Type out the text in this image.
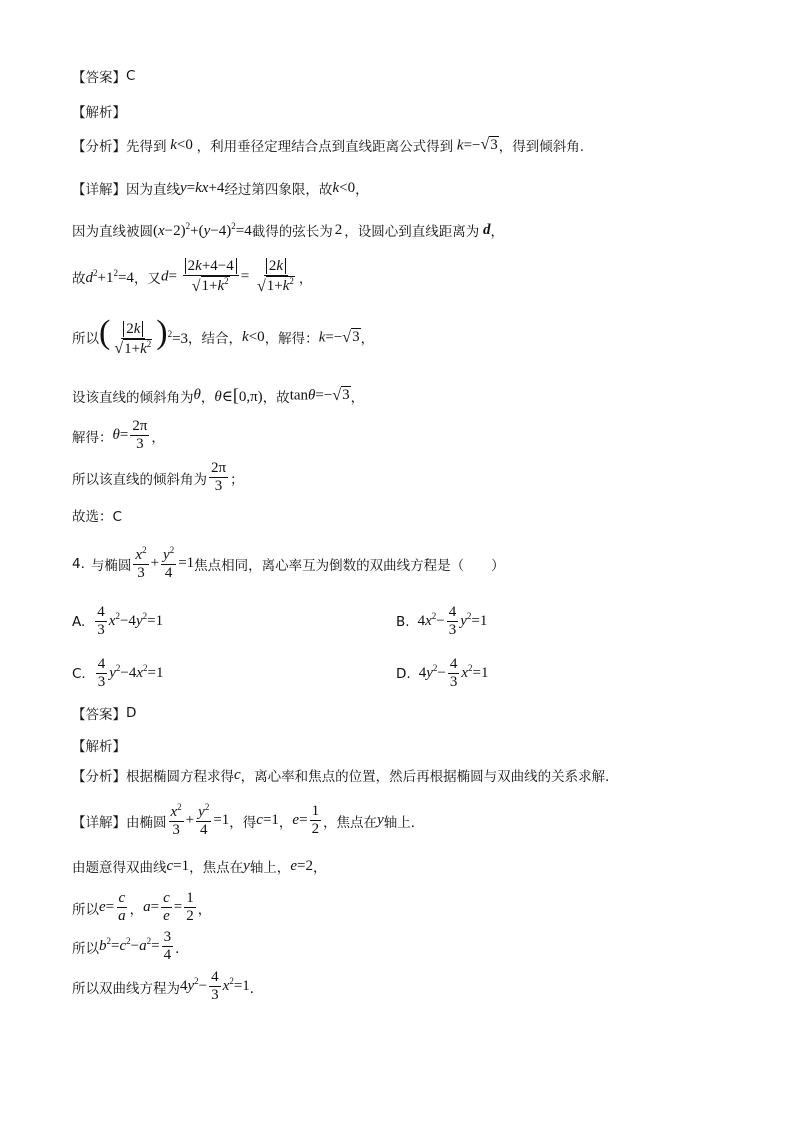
【答案】 C
【解析】
【分析】 先得到 k<0 ，利用垂径定理结合点到直线距离公式得到 k=− √ 3 ，得到倾斜角.
【详解】 因为直线 y=kx+4 经过第四象限，故 k<0 ，
因为直线被圆 $(x-2)^2+(y-4)^2=4$ 截得的弦长为 2 ，设圆心到直线距离为 d ，
故 $d^2+1^2=4$ ，又 $d= \frac{2k+4-4}{√ 1+k^2} = \frac{2k}{√ 1+k^2}$ ，
所以 ( $\frac{2k}{√ 1+k^2} )^2=3$ ，结合， k<0 ，解得： k=− √ 3 ，
设该直线的倾斜角为 θ ， θ∈[0,π) ，故 tanθ=− √ 3 ，
解得： $\theta= \frac{2\pi}{3}$ ，
所以该直线的倾斜角为 $\frac{2\pi}{3}$ ；
故选：C
4. 与椭圆 $\frac{x^2}{3} + \frac{y^2}{4} =1$ 焦点相同，离心率互为倒数的双曲线方程是（　　）
A. $\frac{4}{3} x^2-4y^2=1$	B. $4x^2- \frac{4}{3} y^2=1$
C. $\frac{4}{3} y^2-4x^2=1$	D. $4y^2- \frac{4}{3} x^2=1$
【答案】 D
【解析】
【分析】 根据椭圆方程求得 c ，离心率和焦点的位置，然后再根据椭圆与双曲线的关系求解．
【详解】 由椭圆 $\frac{x^2}{3} + \frac{y^2}{4} =1$ ，得 c=1 ， $e= \frac{1}{2}$ ，焦点在 y 轴上．
由题意得双曲线 c=1 ，焦点在 y 轴上， e=2 ，
所以 $e= \frac{c}{a}$ ， $a= \frac{c}{e} = \frac{1}{2}$ ，
所以 $b^2=c^2-a^2= \frac{3}{4}$ ．
所以双曲线方程为 $4y^2- \frac{4}{3} x^2=1$ ．
